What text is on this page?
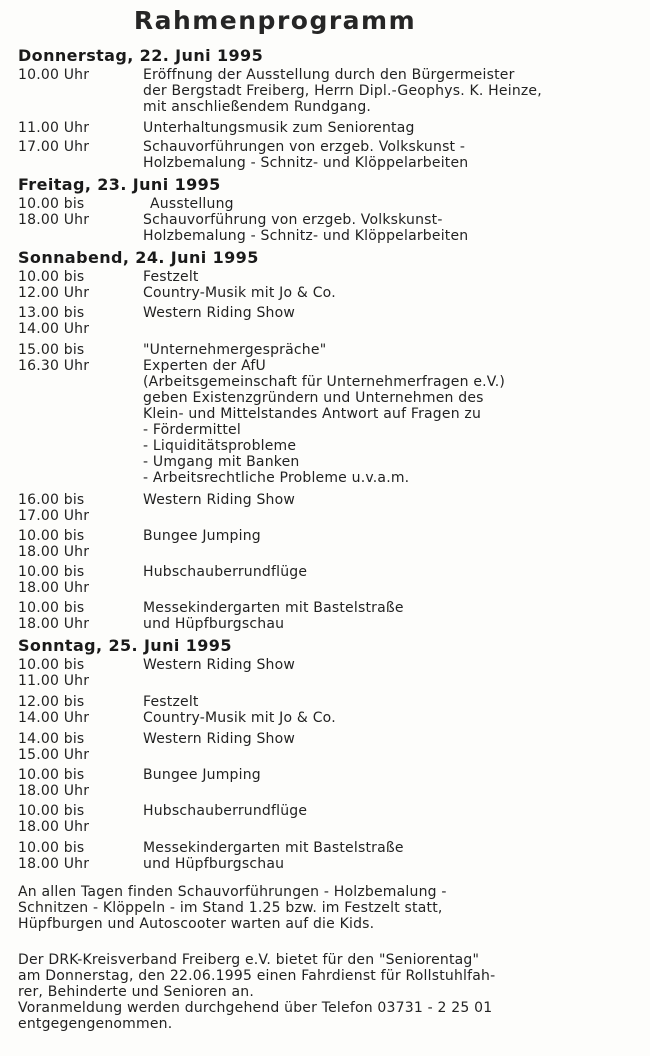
Rahmenprogramm
Donnerstag, 22. Juni 1995
10.00 Uhr	Eröffnung der Ausstellung durch den Bürgermeister
der Bergstadt Freiberg, Herrn Dipl.-Geophys. K. Heinze,
mit anschließendem Rundgang.
11.00 Uhr	Unterhaltungsmusik zum Seniorentag
17.00 Uhr	Schauvorführungen von erzgeb. Volkskunst -
Holzbemalung - Schnitz- und Klöppelarbeiten
Freitag, 23. Juni 1995
10.00 bis	Ausstellung
18.00 Uhr	Schauvorführung von erzgeb. Volkskunst-
Holzbemalung - Schnitz- und Klöppelarbeiten
Sonnabend, 24. Juni 1995
10.00 bis	Festzelt
12.00 Uhr	Country-Musik mit Jo & Co.
13.00 bis	Western Riding Show
14.00 Uhr
15.00 bis	"Unternehmergespräche"
16.30 Uhr	Experten der AfU
(Arbeitsgemeinschaft für Unternehmerfragen e.V.)
geben Existenzgründern und Unternehmen des
Klein- und Mittelstandes Antwort auf Fragen zu
- Fördermittel
- Liquiditätsprobleme
- Umgang mit Banken
- Arbeitsrechtliche Probleme u.v.a.m.
16.00 bis	Western Riding Show
17.00 Uhr
10.00 bis	Bungee Jumping
18.00 Uhr
10.00 bis	Hubschauberrundflüge
18.00 Uhr
10.00 bis	Messekindergarten mit Bastelstraße
18.00 Uhr	und Hüpfburgschau
Sonntag, 25. Juni 1995
10.00 bis	Western Riding Show
11.00 Uhr
12.00 bis	Festzelt
14.00 Uhr	Country-Musik mit Jo & Co.
14.00 bis	Western Riding Show
15.00 Uhr
10.00 bis	Bungee Jumping
18.00 Uhr
10.00 bis	Hubschauberrundflüge
18.00 Uhr
10.00 bis	Messekindergarten mit Bastelstraße
18.00 Uhr	und Hüpfburgschau
An allen Tagen finden Schauvorführungen - Holzbemalung -
Schnitzen - Klöppeln - im Stand 1.25 bzw. im Festzelt statt,
Hüpfburgen und Autoscooter warten auf die Kids.
Der DRK-Kreisverband Freiberg e.V. bietet für den "Seniorentag"
am Donnerstag, den 22.06.1995 einen Fahrdienst für Rollstuhlfah-
rer, Behinderte und Senioren an.
Voranmeldung werden durchgehend über Telefon 03731 - 2 25 01
entgegengenommen.
